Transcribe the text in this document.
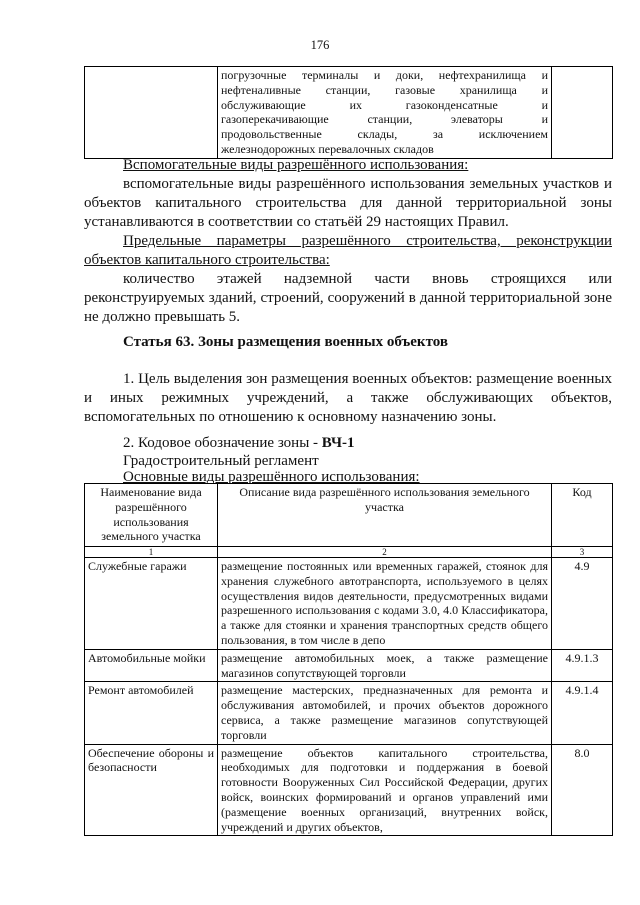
176

погрузочные терминалы и доки, нефтехранилища и
нефтеналивные станции, газовые хранилища и
обслуживающие их газоконденсатные и
газоперекачивающие станции, элеваторы и
продовольственные склады, за исключением
железнодорожных перевалочных складов

Вспомогательные виды разрешённого использования:

вспомогательные виды разрешённого использования земельных участков и объектов капитального строительства для данной территориальной зоны устанавливаются в соответствии со статьёй 29 настоящих Правил.

Предельные параметры разрешённого строительства, реконструкции объектов капитального строительства:

количество этажей надземной части вновь строящихся или реконструируемых зданий, строений, сооружений в данной территориальной зоне не должно превышать 5.

Статья 63. Зоны размещения военных объектов

1. Цель выделения зон размещения военных объектов: размещение военных и иных режимных учреждений, а также обслуживающих объектов, вспомогательных по отношению к основному назначению зоны.

2. Кодовое обозначение зоны - ВЧ-1

Градостроительный регламент

Основные виды разрешённого использования:

Наименование вида разрешённого использования земельного участка	Описание вида разрешённого использования земельного участка	Код
1	2	3
Служебные гаражи	размещение постоянных или временных гаражей, стоянок для хранения служебного автотранспорта, используемого в целях осуществления видов деятельности, предусмотренных видами разрешенного использования с кодами 3.0, 4.0 Классификатора, а также для стоянки и хранения транспортных средств общего пользования, в том числе в депо	4.9
Автомобильные мойки	размещение автомобильных моек, а также размещение магазинов сопутствующей торговли	4.9.1.3
Ремонт автомобилей	размещение мастерских, предназначенных для ремонта и обслуживания автомобилей, и прочих объектов дорожного сервиса, а также размещение магазинов сопутствующей торговли	4.9.1.4
Обеспечение обороны и безопасности	размещение объектов капитального строительства, необходимых для подготовки и поддержания в боевой готовности Вооруженных Сил Российской Федерации, других войск, воинских формирований и органов управлений ими (размещение военных организаций, внутренних войск, учреждений и других объектов,	8.0
